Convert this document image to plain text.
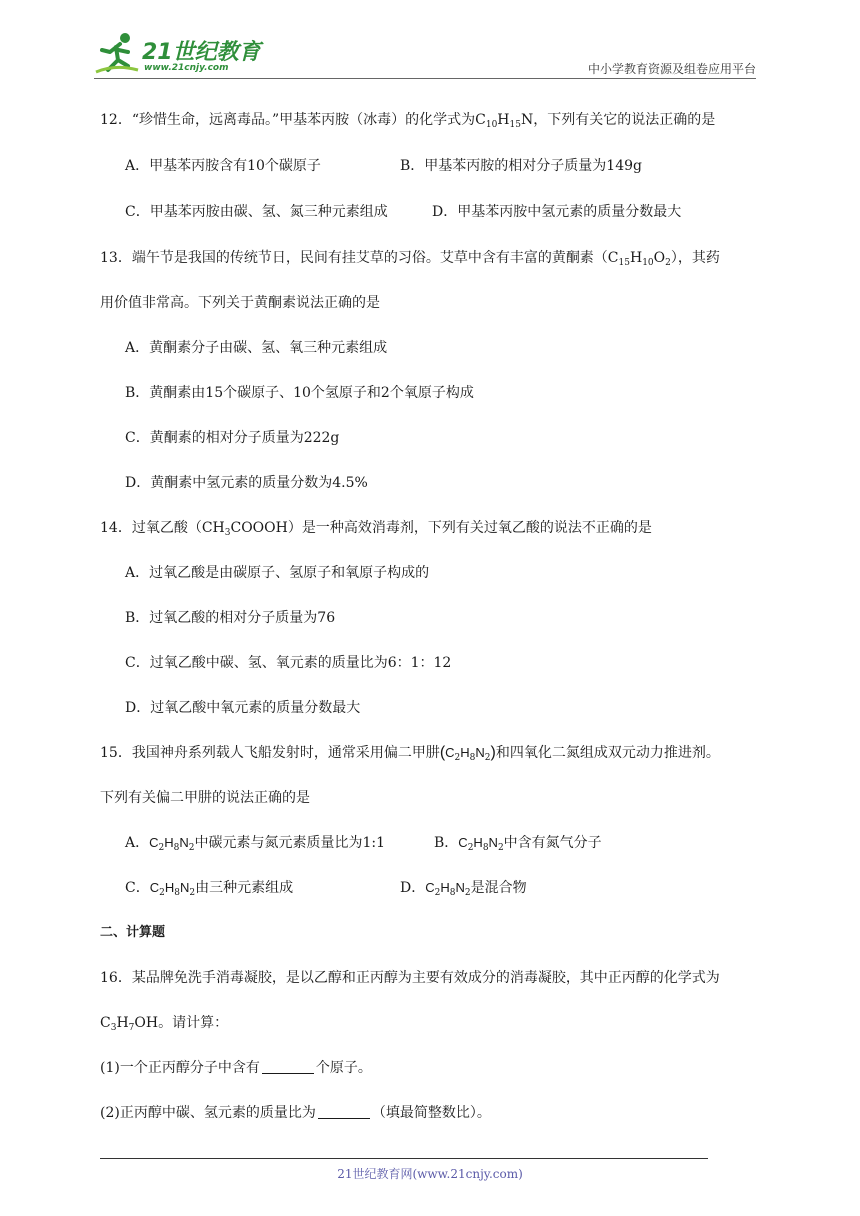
21世纪教育
www.21cnjy.com	中小学教育资源及组卷应用平台
12．“珍惜生命，远离毒品。”甲基苯丙胺（冰毒）的化学式为$C_{10}H_{15}N$，下列有关它的说法正确的是
A．甲基苯丙胺含有10个碳原子	B．甲基苯丙胺的相对分子质量为149g
C．甲基苯丙胺由碳、氢、氮三种元素组成	D．甲基苯丙胺中氢元素的质量分数最大
13．端午节是我国的传统节日，民间有挂艾草的习俗。艾草中含有丰富的黄酮素$(C_{15}H_{10}O_2)$，其药
用价值非常高。下列关于黄酮素说法正确的是
A．黄酮素分子由碳、氢、氧三种元素组成
B．黄酮素由15个碳原子、10个氢原子和2个氧原子构成
C．黄酮素的相对分子质量为222g
D．黄酮素中氢元素的质量分数为4.5%
14．过氧乙酸$(CH_3COOOH)$是一种高效消毒剂，下列有关过氧乙酸的说法不正确的是
A．过氧乙酸是由碳原子、氢原子和氧原子构成的
B．过氧乙酸的相对分子质量为76
C．过氧乙酸中碳、氢、氧元素的质量比为6：1：12
D．过氧乙酸中氧元素的质量分数最大
15．我国神舟系列载人飞船发射时，通常采用偏二甲肼$(C_2H_8N_2)$和四氧化二氮组成双元动力推进剂。
下列有关偏二甲肼的说法正确的是
A．$C_2H_8N_2$中碳元素与氮元素质量比为1:1	B．$C_2H_8N_2$中含有氮气分子
C．$C_2H_8N_2$由三种元素组成	D．$C_2H_8N_2$是混合物
二、计算题
16．某品牌免洗手消毒凝胶，是以乙醇和正丙醇为主要有效成分的消毒凝胶，其中正丙醇的化学式为
$C_3H_7OH$。请计算：
(1)一个正丙醇分子中含有	个原子。
(2)正丙醇中碳、氢元素的质量比为	（填最简整数比）。
21世纪教育网(www.21cnjy.com)
